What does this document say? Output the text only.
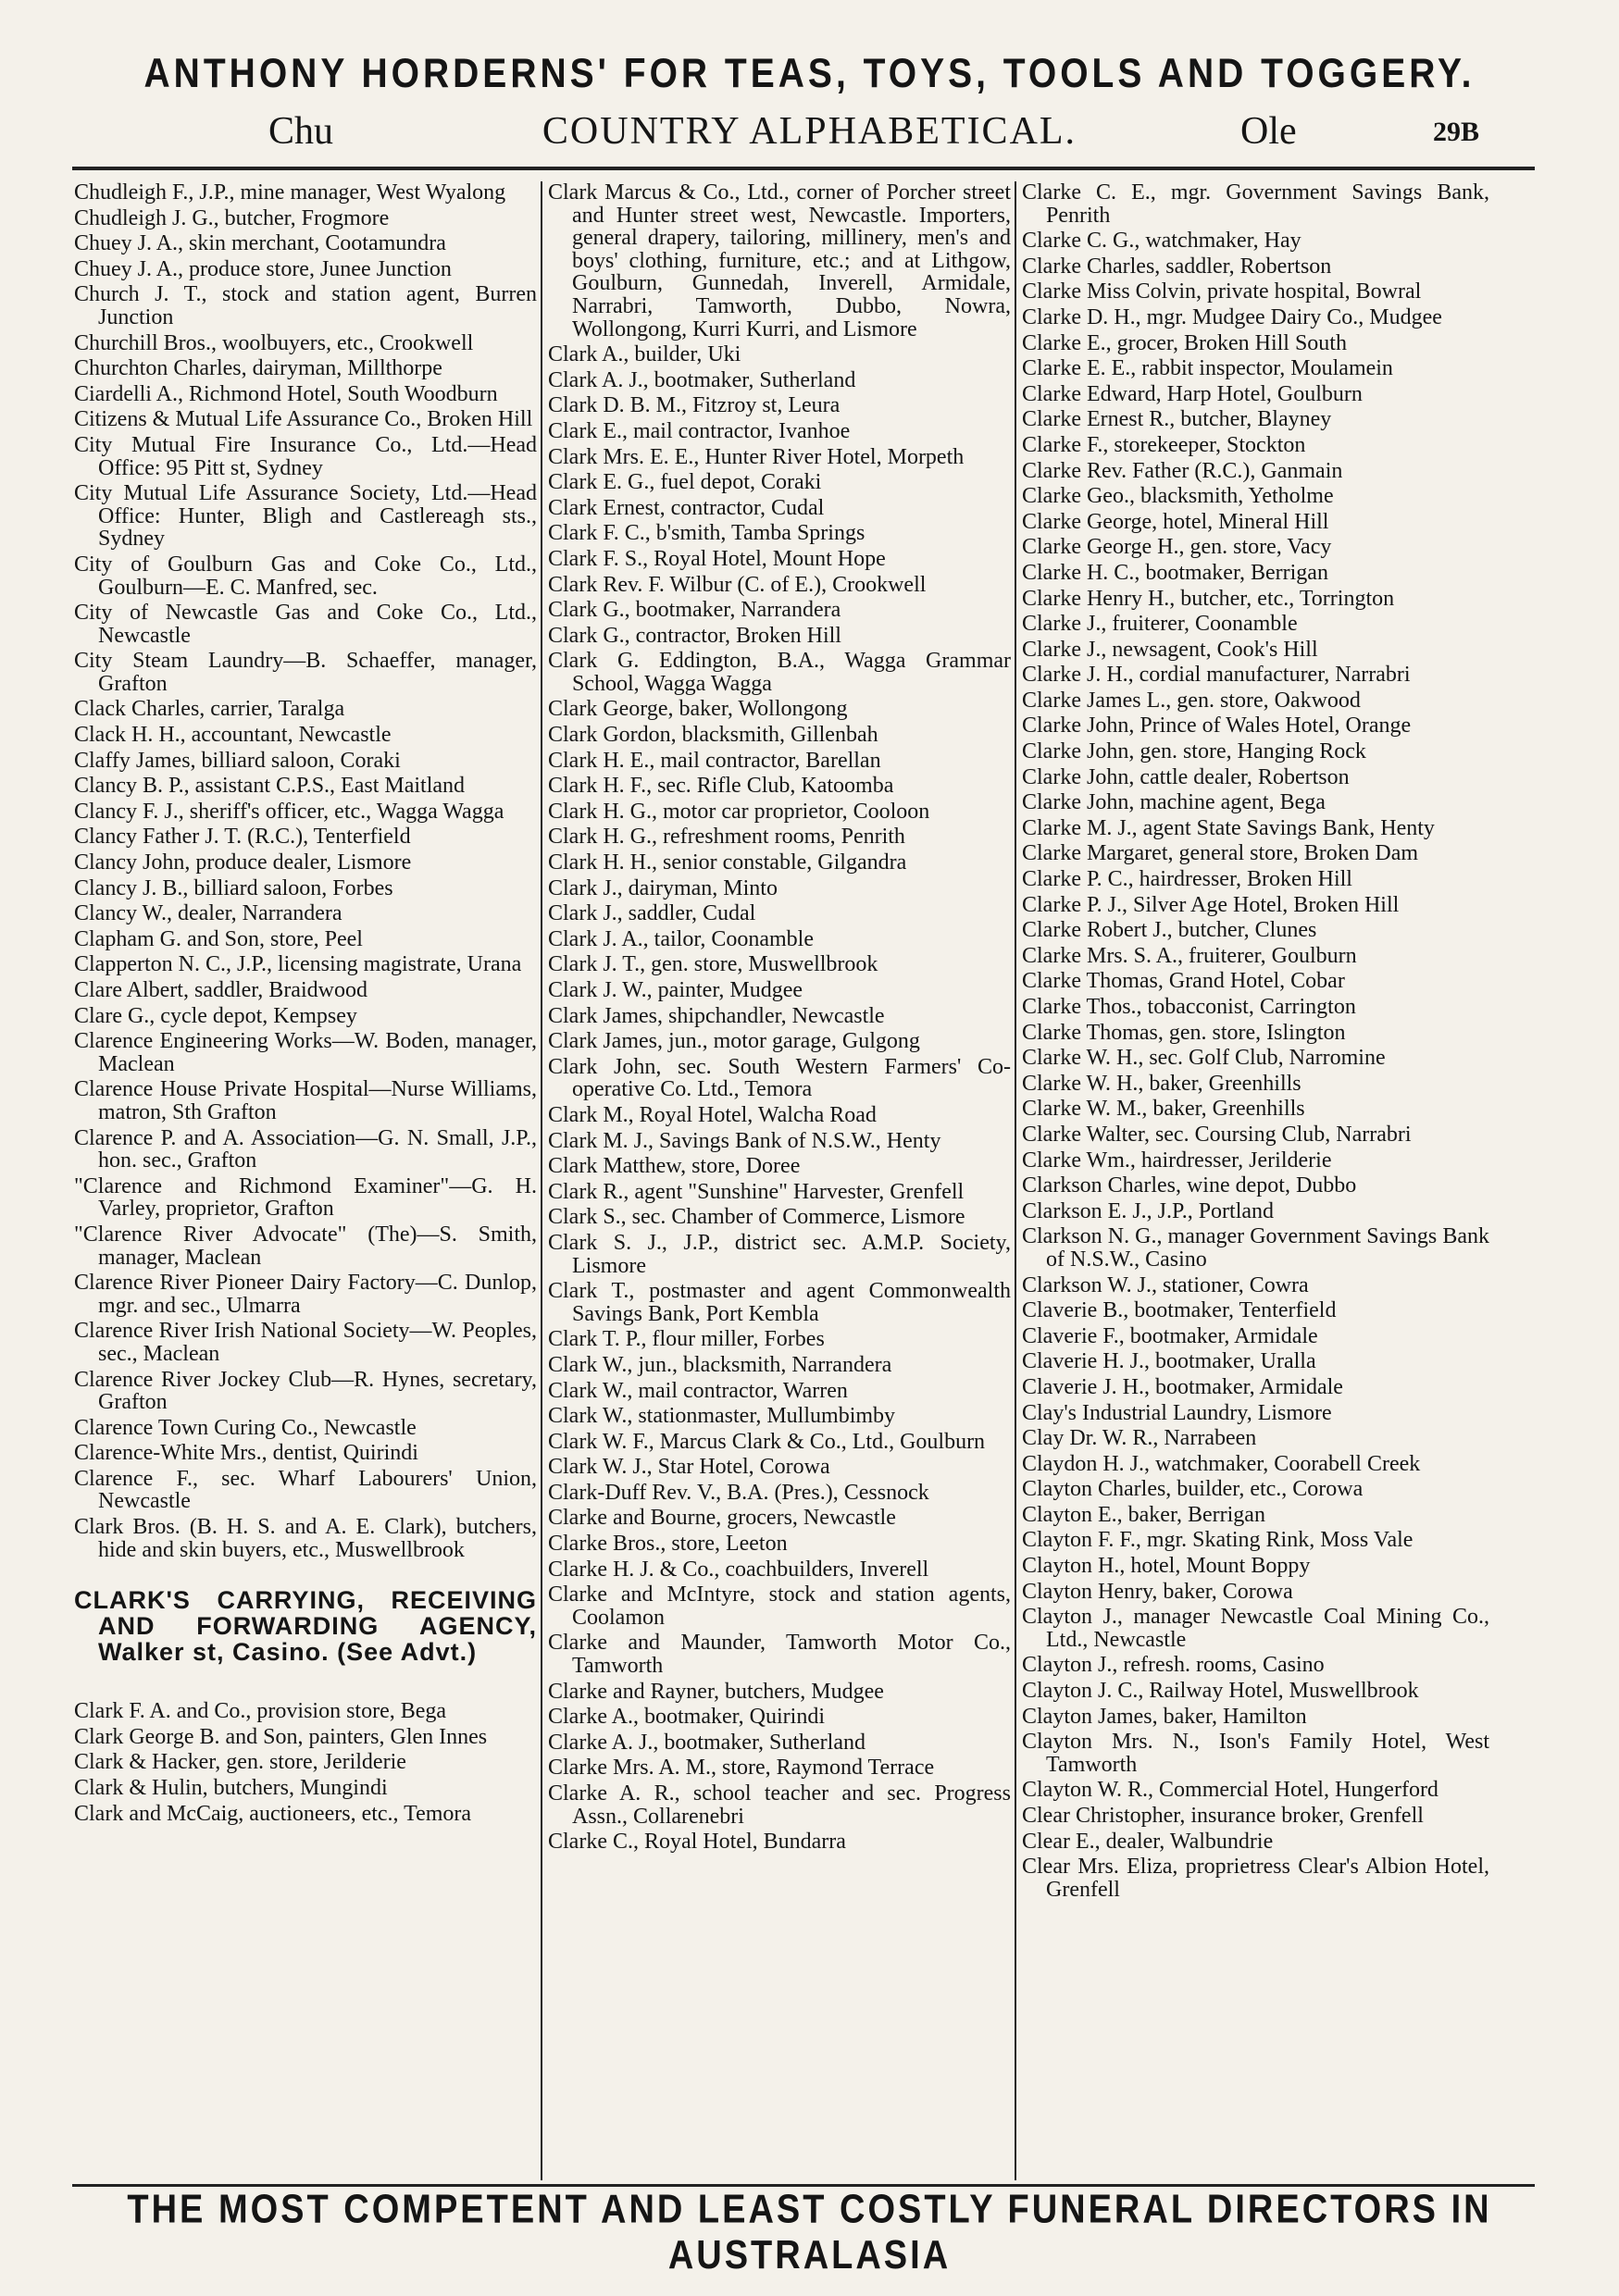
ANTHONY HORDERNS' FOR TEAS, TOYS, TOOLS AND TOGGERY.
Chu	COUNTRY ALPHABETICAL.	Ole	29B

Chudleigh F., J.P., mine manager, West Wyalong

Chudleigh J. G., butcher, Frogmore

Chuey J. A., skin merchant, Cootamundra

Chuey J. A., produce store, Junee Junction

Church J. T., stock and station agent, Burren Junction

Churchill Bros., woolbuyers, etc., Crookwell

Churchton Charles, dairyman, Millthorpe

Ciardelli A., Richmond Hotel, South Woodburn

Citizens & Mutual Life Assurance Co., Broken Hill

City Mutual Fire Insurance Co., Ltd.—Head Office: 95 Pitt st, Sydney

City Mutual Life Assurance Society, Ltd.—Head Office: Hunter, Bligh and Castlereagh sts., Sydney

City of Goulburn Gas and Coke Co., Ltd., Goulburn—E. C. Manfred, sec.

City of Newcastle Gas and Coke Co., Ltd., Newcastle

City Steam Laundry—B. Schaeffer, manager, Grafton

Clack Charles, carrier, Taralga

Clack H. H., accountant, Newcastle

Claffy James, billiard saloon, Coraki

Clancy B. P., assistant C.P.S., East Maitland

Clancy F. J., sheriff's officer, etc., Wagga Wagga

Clancy Father J. T. (R.C.), Tenterfield

Clancy John, produce dealer, Lismore

Clancy J. B., billiard saloon, Forbes

Clancy W., dealer, Narrandera

Clapham G. and Son, store, Peel

Clapperton N. C., J.P., licensing magistrate, Urana

Clare Albert, saddler, Braidwood

Clare G., cycle depot, Kempsey

Clarence Engineering Works—W. Boden, manager, Maclean

Clarence House Private Hospital—Nurse Williams, matron, Sth Grafton

Clarence P. and A. Association—G. N. Small, J.P., hon. sec., Grafton

"Clarence and Richmond Examiner"—G. H. Varley, proprietor, Grafton

"Clarence River Advocate" (The)—S. Smith, manager, Maclean

Clarence River Pioneer Dairy Factory—C. Dunlop, mgr. and sec., Ulmarra

Clarence River Irish National Society—W. Peoples, sec., Maclean

Clarence River Jockey Club—R. Hynes, secretary, Grafton

Clarence Town Curing Co., Newcastle

Clarence-White Mrs., dentist, Quirindi

Clarence F., sec. Wharf Labourers' Union, Newcastle

Clark Bros. (B. H. S. and A. E. Clark), butchers, hide and skin buyers, etc., Muswellbrook

CLARK'S CARRYING, RECEIVING AND FORWARDING AGENCY, Walker st, Casino. (See Advt.)

Clark F. A. and Co., provision store, Bega

Clark George B. and Son, painters, Glen Innes

Clark & Hacker, gen. store, Jerilderie

Clark & Hulin, butchers, Mungindi

Clark and McCaig, auctioneers, etc., Temora

Clark Marcus & Co., Ltd., corner of Porcher street and Hunter street west, Newcastle. Importers, general drapery, tailoring, millinery, men's and boys' clothing, furniture, etc.; and at Lithgow, Goulburn, Gunnedah, Inverell, Armidale, Narrabri, Tamworth, Dubbo, Nowra, Wollongong, Kurri Kurri, and Lismore

Clark A., builder, Uki

Clark A. J., bootmaker, Sutherland

Clark D. B. M., Fitzroy st, Leura

Clark E., mail contractor, Ivanhoe

Clark Mrs. E. E., Hunter River Hotel, Morpeth

Clark E. G., fuel depot, Coraki

Clark Ernest, contractor, Cudal

Clark F. C., b'smith, Tamba Springs

Clark F. S., Royal Hotel, Mount Hope

Clark Rev. F. Wilbur (C. of E.), Crookwell

Clark G., bootmaker, Narrandera

Clark G., contractor, Broken Hill

Clark G. Eddington, B.A., Wagga Grammar School, Wagga Wagga

Clark George, baker, Wollongong

Clark Gordon, blacksmith, Gillenbah

Clark H. E., mail contractor, Barellan

Clark H. F., sec. Rifle Club, Katoomba

Clark H. G., motor car proprietor, Cooloon

Clark H. G., refreshment rooms, Penrith

Clark H. H., senior constable, Gilgandra

Clark J., dairyman, Minto

Clark J., saddler, Cudal

Clark J. A., tailor, Coonamble

Clark J. T., gen. store, Muswellbrook

Clark J. W., painter, Mudgee

Clark James, shipchandler, Newcastle

Clark James, jun., motor garage, Gulgong

Clark John, sec. South Western Farmers' Co-operative Co. Ltd., Temora

Clark M., Royal Hotel, Walcha Road

Clark M. J., Savings Bank of N.S.W., Henty

Clark Matthew, store, Doree

Clark R., agent "Sunshine" Harvester, Grenfell

Clark S., sec. Chamber of Commerce, Lismore

Clark S. J., J.P., district sec. A.M.P. Society, Lismore

Clark T., postmaster and agent Commonwealth Savings Bank, Port Kembla

Clark T. P., flour miller, Forbes

Clark W., jun., blacksmith, Narrandera

Clark W., mail contractor, Warren

Clark W., stationmaster, Mullumbimby

Clark W. F., Marcus Clark & Co., Ltd., Goulburn

Clark W. J., Star Hotel, Corowa

Clark-Duff Rev. V., B.A. (Pres.), Cessnock

Clarke and Bourne, grocers, Newcastle

Clarke Bros., store, Leeton

Clarke H. J. & Co., coachbuilders, Inverell

Clarke and McIntyre, stock and station agents, Coolamon

Clarke and Maunder, Tamworth Motor Co., Tamworth

Clarke and Rayner, butchers, Mudgee

Clarke A., bootmaker, Quirindi

Clarke A. J., bootmaker, Sutherland

Clarke Mrs. A. M., store, Raymond Terrace

Clarke A. R., school teacher and sec. Progress Assn., Collarenebri

Clarke C., Royal Hotel, Bundarra

Clarke C. E., mgr. Government Savings Bank, Penrith

Clarke C. G., watchmaker, Hay

Clarke Charles, saddler, Robertson

Clarke Miss Colvin, private hospital, Bowral

Clarke D. H., mgr. Mudgee Dairy Co., Mudgee

Clarke E., grocer, Broken Hill South

Clarke E. E., rabbit inspector, Moulamein

Clarke Edward, Harp Hotel, Goulburn

Clarke Ernest R., butcher, Blayney

Clarke F., storekeeper, Stockton

Clarke Rev. Father (R.C.), Ganmain

Clarke Geo., blacksmith, Yetholme

Clarke George, hotel, Mineral Hill

Clarke George H., gen. store, Vacy

Clarke H. C., bootmaker, Berrigan

Clarke Henry H., butcher, etc., Torrington

Clarke J., fruiterer, Coonamble

Clarke J., newsagent, Cook's Hill

Clarke J. H., cordial manufacturer, Narrabri

Clarke James L., gen. store, Oakwood

Clarke John, Prince of Wales Hotel, Orange

Clarke John, gen. store, Hanging Rock

Clarke John, cattle dealer, Robertson

Clarke John, machine agent, Bega

Clarke M. J., agent State Savings Bank, Henty

Clarke Margaret, general store, Broken Dam

Clarke P. C., hairdresser, Broken Hill

Clarke P. J., Silver Age Hotel, Broken Hill

Clarke Robert J., butcher, Clunes

Clarke Mrs. S. A., fruiterer, Goulburn

Clarke Thomas, Grand Hotel, Cobar

Clarke Thos., tobacconist, Carrington

Clarke Thomas, gen. store, Islington

Clarke W. H., sec. Golf Club, Narromine

Clarke W. H., baker, Greenhills

Clarke W. M., baker, Greenhills

Clarke Walter, sec. Coursing Club, Narrabri

Clarke Wm., hairdresser, Jerilderie

Clarkson Charles, wine depot, Dubbo

Clarkson E. J., J.P., Portland

Clarkson N. G., manager Government Savings Bank of N.S.W., Casino

Clarkson W. J., stationer, Cowra

Claverie B., bootmaker, Tenterfield

Claverie F., bootmaker, Armidale

Claverie H. J., bootmaker, Uralla

Claverie J. H., bootmaker, Armidale

Clay's Industrial Laundry, Lismore

Clay Dr. W. R., Narrabeen

Claydon H. J., watchmaker, Coorabell Creek

Clayton Charles, builder, etc., Corowa

Clayton E., baker, Berrigan

Clayton F. F., mgr. Skating Rink, Moss Vale

Clayton H., hotel, Mount Boppy

Clayton Henry, baker, Corowa

Clayton J., manager Newcastle Coal Mining Co., Ltd., Newcastle

Clayton J., refresh. rooms, Casino

Clayton J. C., Railway Hotel, Muswellbrook

Clayton James, baker, Hamilton

Clayton Mrs. N., Ison's Family Hotel, West Tamworth

Clayton W. R., Commercial Hotel, Hungerford

Clear Christopher, insurance broker, Grenfell

Clear E., dealer, Walbundrie

Clear Mrs. Eliza, proprietress Clear's Albion Hotel, Grenfell

THE MOST COMPETENT AND LEAST COSTLY FUNERAL DIRECTORS IN AUSTRALASIA
